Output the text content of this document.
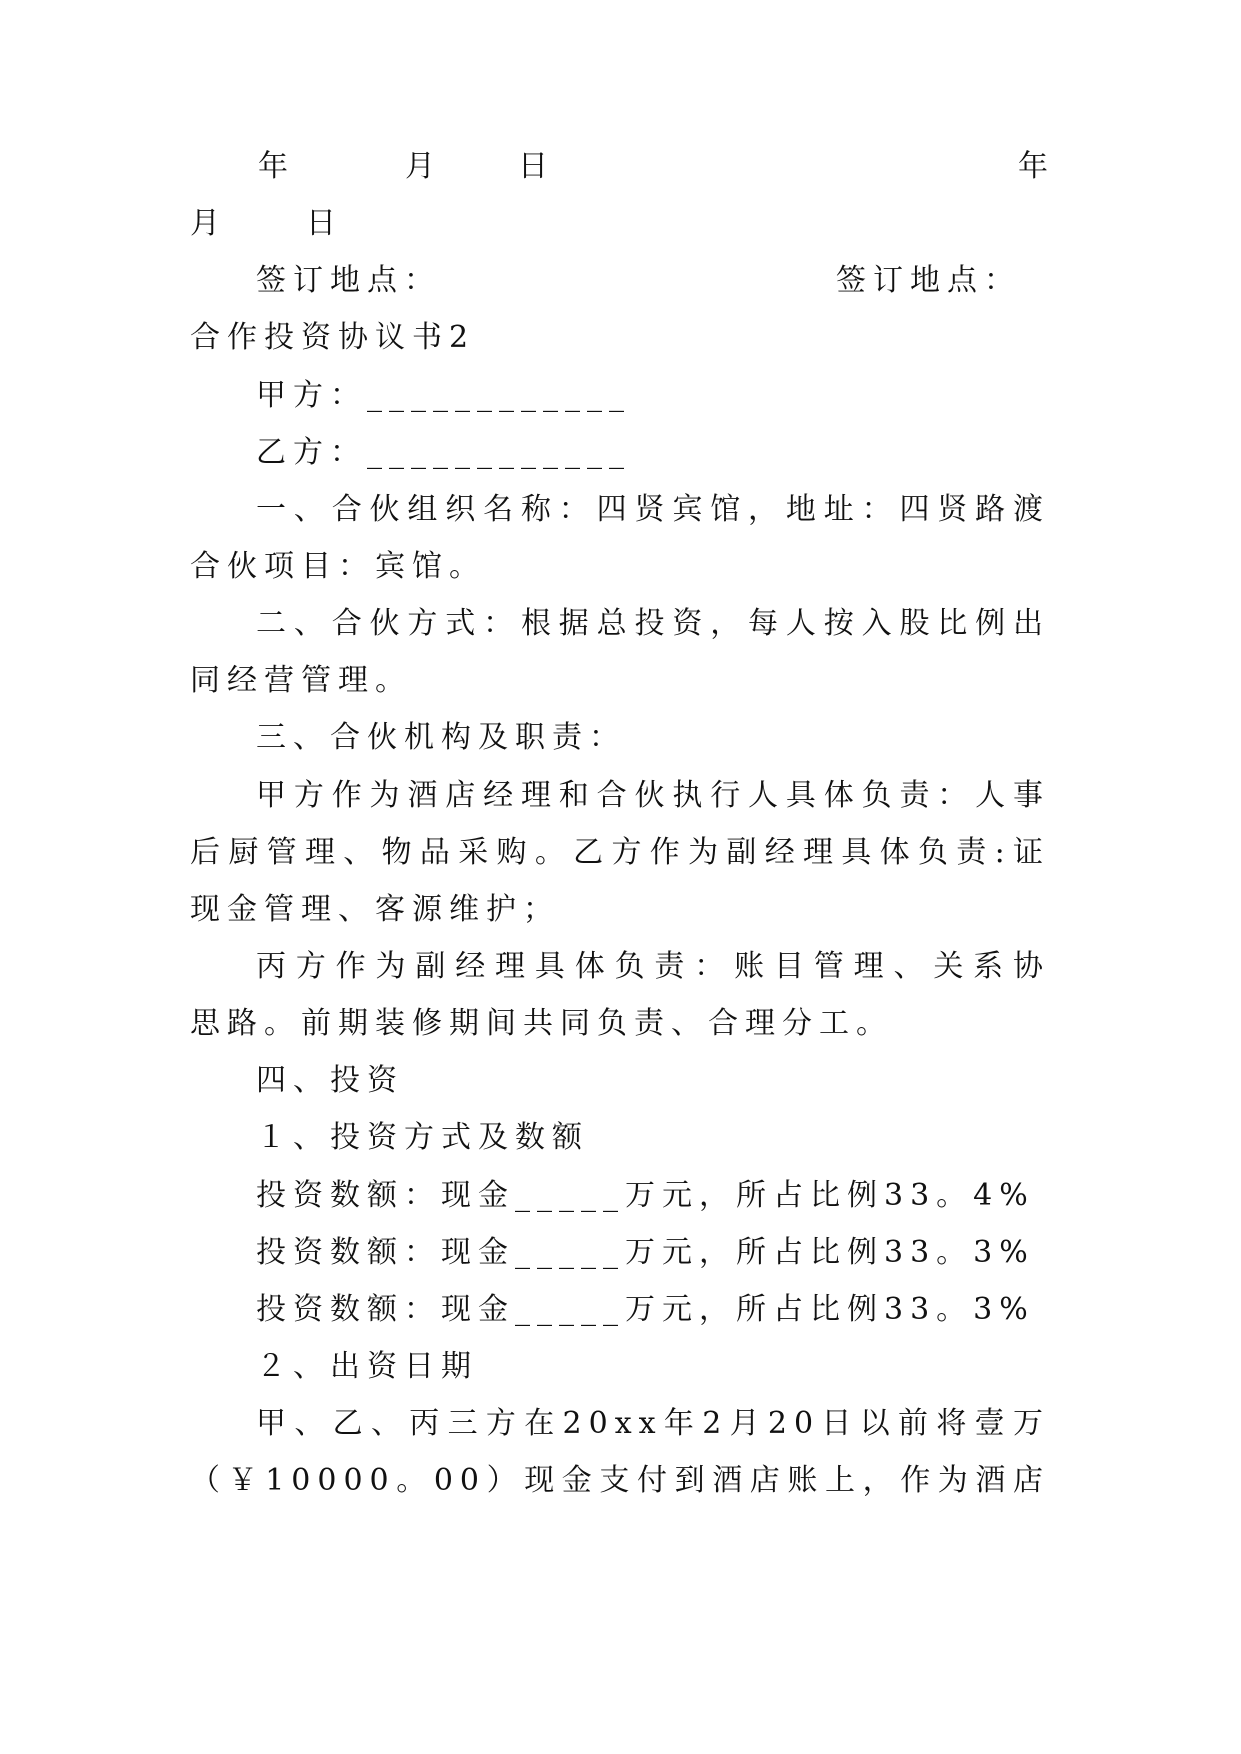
年	月	日	年
月	日
签订地点：	签订地点：
合作投资协议书2
甲方：____________
乙方：____________
一、合伙组织名称：四贤宾馆，地址：四贤路渡
合伙项目：宾馆。
二、合伙方式：根据总投资，每人按入股比例出
同经营管理。
三、合伙机构及职责：
甲方作为酒店经理和合伙执行人具体负责：人事
后厨管理、物品采购。乙方作为副经理具体负责:证
现金管理、客源维护；
丙方作为副经理具体负责：账目管理、关系协
思路。前期装修期间共同负责、合理分工。
四、投资
１、投资方式及数额
投资数额：现金_____万元，所占比例33。4%
投资数额：现金_____万元，所占比例33。3%
投资数额：现金_____万元，所占比例33。3%
２、出资日期
甲、乙、丙三方在20xx年2月20日以前将壹万
（￥10000。00）现金支付到酒店账上，作为酒店
